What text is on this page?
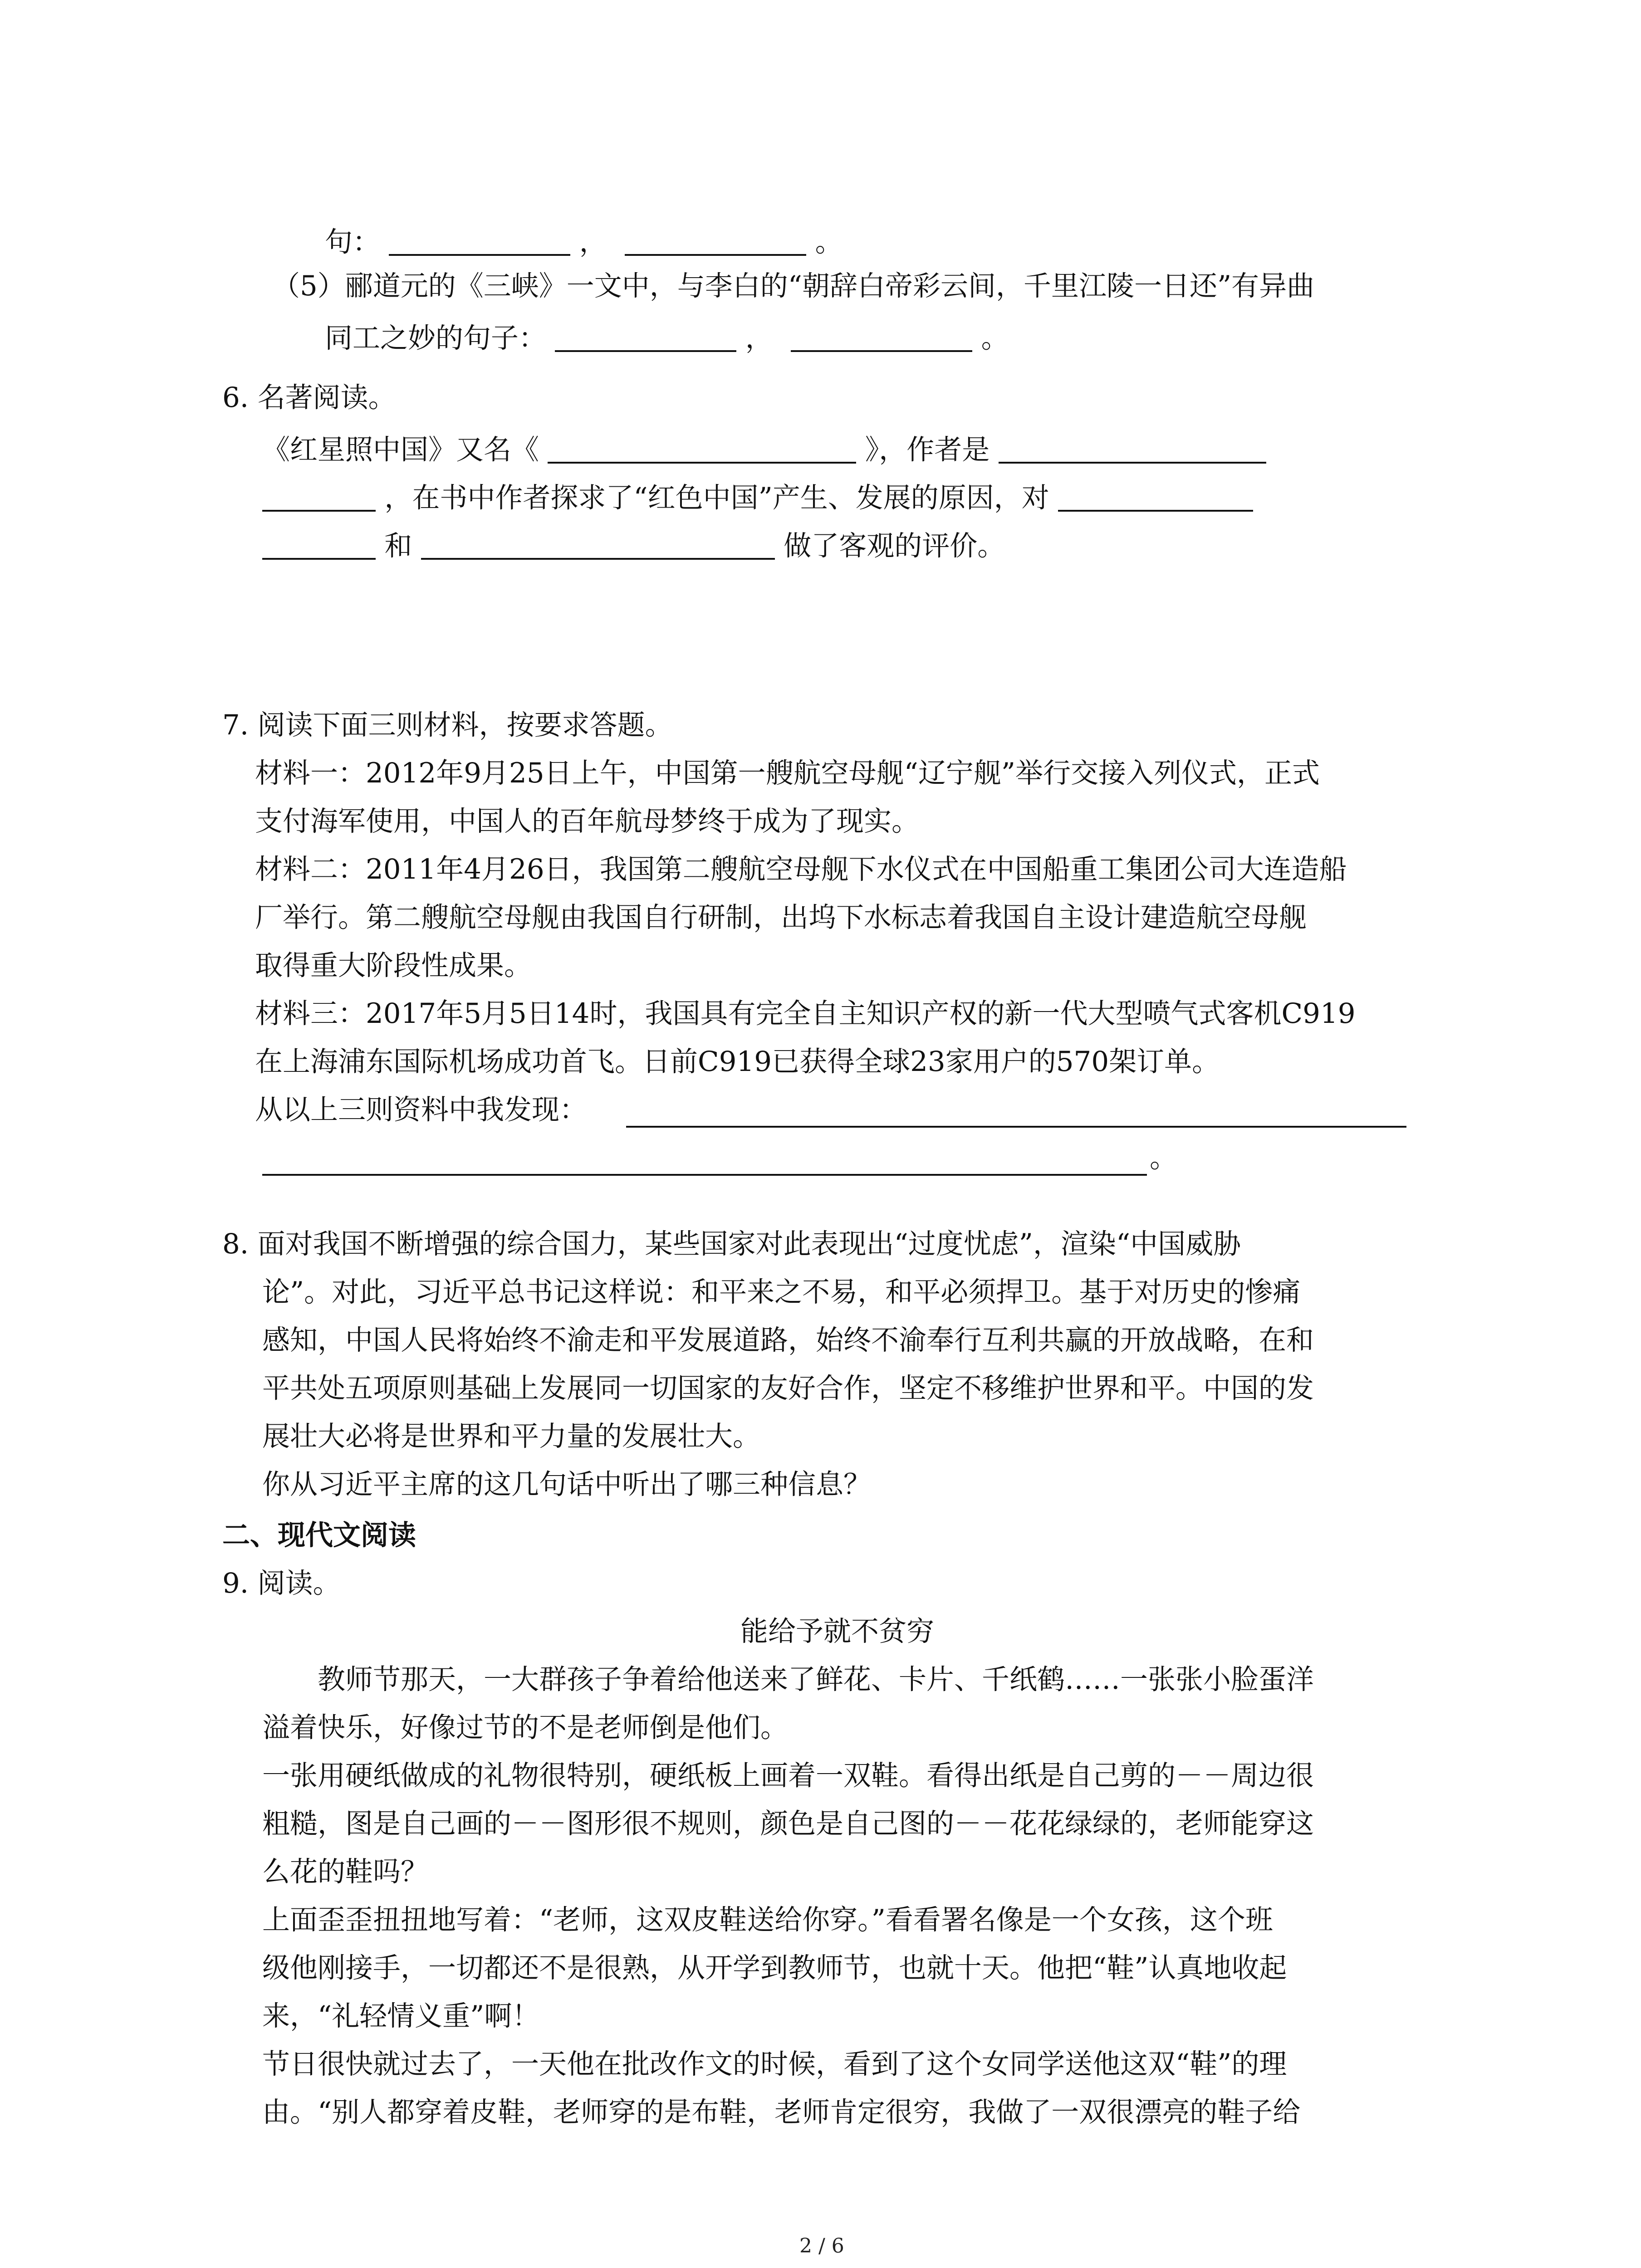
句：	，	。
（5）郦道元的《三峡》一文中，与李白的“朝辞白帝彩云间，千里江陵一日还”有异曲
同工之妙的句子：	，	。
6. 名著阅读。
《红星照中国》又名《	》，作者是
，在书中作者探求了“红色中国”产生、发展的原因，对
和	做了客观的评价。
7. 阅读下面三则材料，按要求答题。
材料一：2012年9月25日上午，中国第一艘航空母舰“辽宁舰”举行交接入列仪式，正式
支付海军使用，中国人的百年航母梦终于成为了现实。
材料二：2011年4月26日，我国第二艘航空母舰下水仪式在中国船重工集团公司大连造船
厂举行。第二艘航空母舰由我国自行研制，出坞下水标志着我国自主设计建造航空母舰
取得重大阶段性成果。
材料三：2017年5月5日14时，我国具有完全自主知识产权的新一代大型喷气式客机C919
在上海浦东国际机场成功首飞。日前C919已获得全球23家用户的570架订单。
从以上三则资料中我发现：
。
8. 面对我国不断增强的综合国力，某些国家对此表现出“过度忧虑”，渲染“中国威胁
论”。对此，习近平总书记这样说：和平来之不易，和平必须捍卫。基于对历史的惨痛
感知，中国人民将始终不渝走和平发展道路，始终不渝奉行互利共赢的开放战略，在和
平共处五项原则基础上发展同一切国家的友好合作，坚定不移维护世界和平。中国的发
展壮大必将是世界和平力量的发展壮大。
你从习近平主席的这几句话中听出了哪三种信息？
二、现代文阅读
9. 阅读。
能给予就不贫穷
教师节那天，一大群孩子争着给他送来了鲜花、卡片、千纸鹤……一张张小脸蛋洋
溢着快乐，好像过节的不是老师倒是他们。
一张用硬纸做成的礼物很特别，硬纸板上画着一双鞋。看得出纸是自己剪的－－周边很
粗糙，图是自己画的－－图形很不规则，颜色是自己图的－－花花绿绿的，老师能穿这
么花的鞋吗？
上面歪歪扭扭地写着：“老师，这双皮鞋送给你穿。”看看署名像是一个女孩，这个班
级他刚接手，一切都还不是很熟，从开学到教师节，也就十天。他把“鞋”认真地收起
来，“礼轻情义重”啊！
节日很快就过去了，一天他在批改作文的时候，看到了这个女同学送他这双“鞋”的理
由。“别人都穿着皮鞋，老师穿的是布鞋，老师肯定很穷，我做了一双很漂亮的鞋子给
2 / 6
